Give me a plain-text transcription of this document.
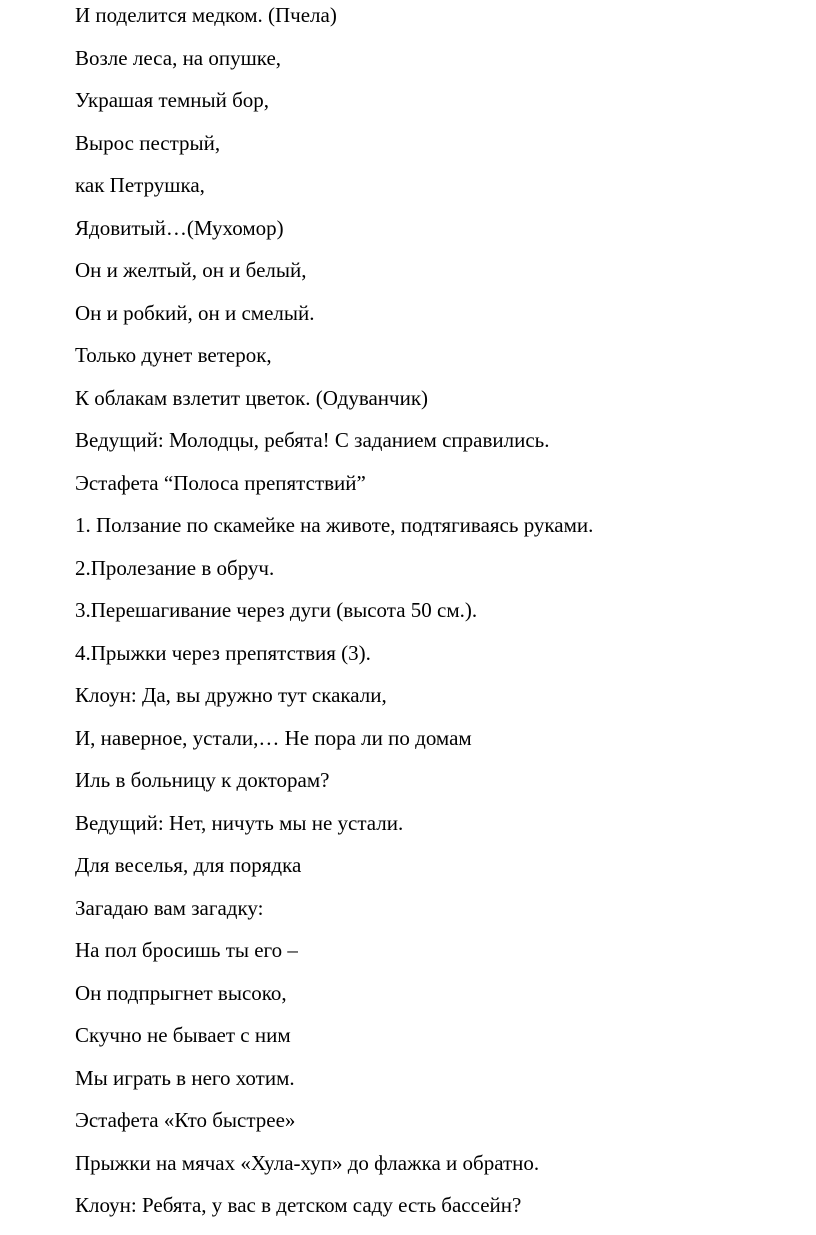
И поделится медком. (Пчела)
Возле леса, на опушке,
Украшая темный бор,
Вырос пестрый,
как Петрушка,
Ядовитый…(Мухомор)
Он и желтый, он и белый,
Он и робкий, он и смелый.
Только дунет ветерок,
К облакам взлетит цветок. (Одуванчик)
Ведущий: Молодцы, ребята! С заданием справились.
Эстафета “Полоса препятствий”
1. Ползание по скамейке на животе, подтягиваясь руками.
2.Пролезание в обруч.
3.Перешагивание через дуги (высота 50 см.).
4.Прыжки через препятствия (3).
Клоун: Да, вы дружно тут скакали,
И, наверное, устали,… Не пора ли по домам
Иль в больницу к докторам?
Ведущий: Нет, ничуть мы не устали.
Для веселья, для порядка
Загадаю вам загадку:
На пол бросишь ты его –
Он подпрыгнет высоко,
Скучно не бывает с ним
Мы играть в него хотим.
Эстафета «Кто быстрее»
Прыжки на мячах «Хула-хуп» до флажка и обратно.
Клоун: Ребята, у вас в детском саду есть бассейн?
